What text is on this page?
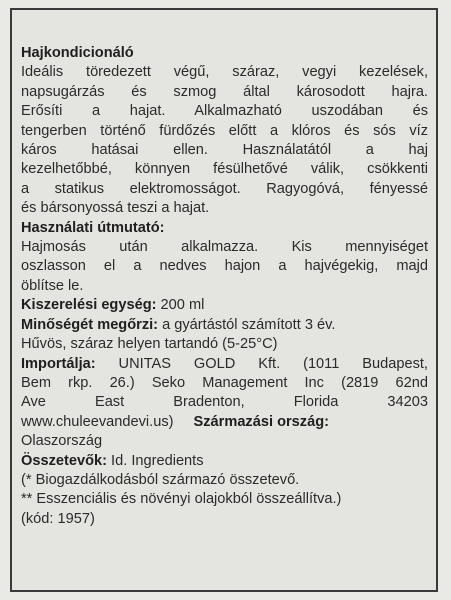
Hajkondicionáló
Ideális töredezett végű, száraz, vegyi kezelések,
napsugárzás és szmog által károsodott hajra.
Erősíti a hajat. Alkalmazható uszodában és
tengerben történő fürdőzés előtt a klóros és sós víz
káros hatásai ellen. Használatától a haj
kezelhetőbbé, könnyen fésülhetővé válik, csökkenti
a statikus elektromosságot. Ragyogóvá, fényessé
és bársonyossá teszi a hajat.
Használati útmutató:
Hajmosás után alkalmazza. Kis mennyiséget
oszlasson el a nedves hajon a hajvégekig, majd
öblítse le.
Kiszerelési egység: 200 ml
Minőségét megőrzi: a gyártástól számított 3 év.
Hűvös, száraz helyen tartandó (5-25°C)
Importálja: UNITAS GOLD Kft. (1011 Budapest,
Bem rkp. 26.) Seko Management Inc (2819 62nd
Ave East Bradenton, Florida 34203
www.chuleevandevi.us) Származási ország:
Olaszország
Összetevők: Id. Ingredients
(* Biogazdálkodásból származó összetevő.
** Esszenciális és növényi olajokból összeállítva.)
(kód: 1957)
